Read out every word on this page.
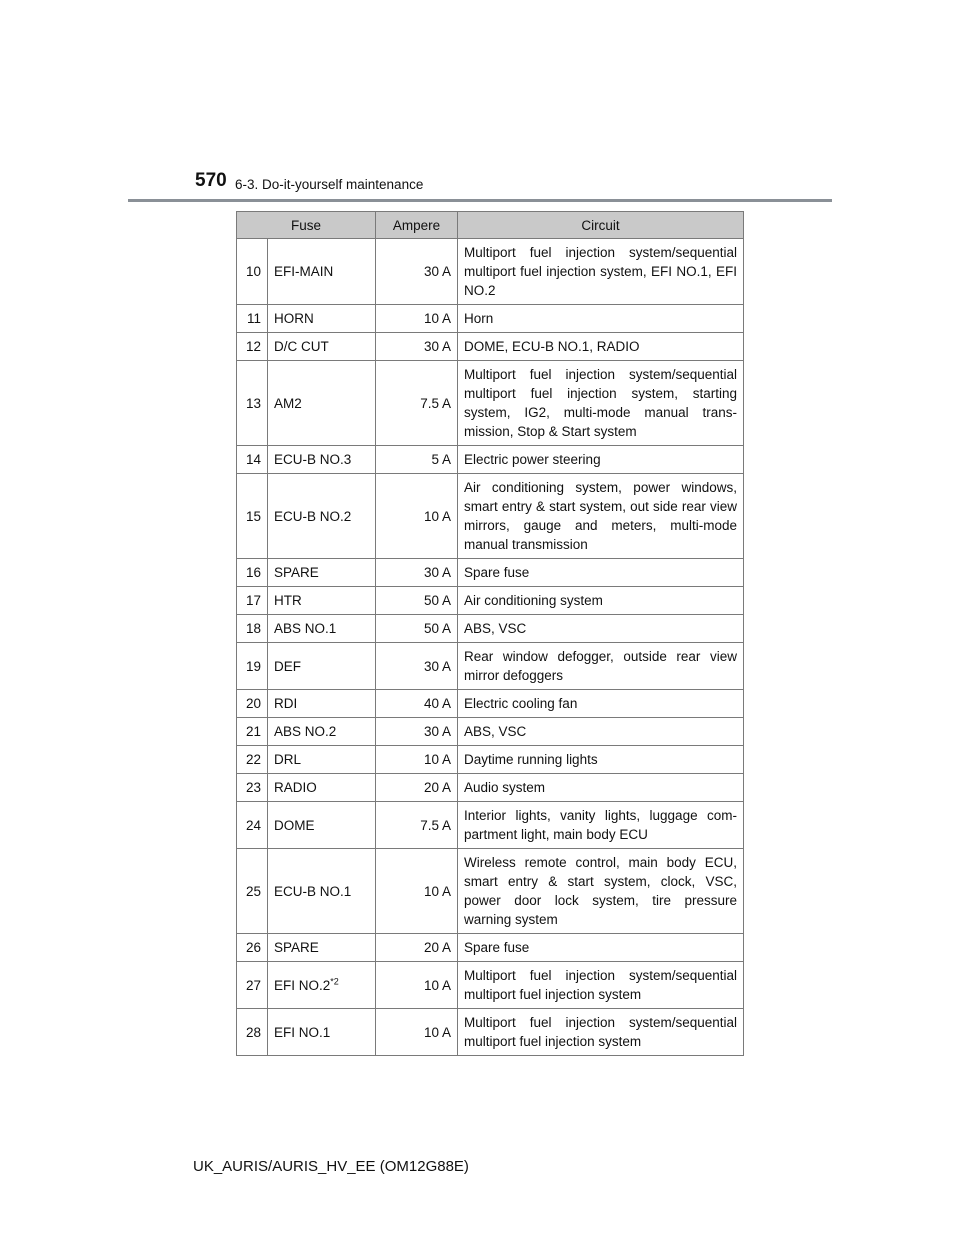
570 6-3. Do-it-yourself maintenance
Fuse		Ampere	Circuit
10	EFI-MAIN	30 A	Multiport fuel injection system/sequential multiport fuel injection system, EFI NO.1, EFI NO.2
11	HORN	10 A	Horn
12	D/C CUT	30 A	DOME, ECU-B NO.1, RADIO
13	AM2	7.5 A	Multiport fuel injection system/sequential multiport fuel injection system, starting system, IG2, multi-mode manual trans-mission, Stop & Start system
14	ECU-B NO.3	5 A	Electric power steering
15	ECU-B NO.2	10 A	Air conditioning system, power windows, smart entry & start system, out side rear view mirrors, gauge and meters, multi-mode manual transmission
16	SPARE	30 A	Spare fuse
17	HTR	50 A	Air conditioning system
18	ABS NO.1	50 A	ABS, VSC
19	DEF	30 A	Rear window defogger, outside rear view mirror defoggers
20	RDI	40 A	Electric cooling fan
21	ABS NO.2	30 A	ABS, VSC
22	DRL	10 A	Daytime running lights
23	RADIO	20 A	Audio system
24	DOME	7.5 A	Interior lights, vanity lights, luggage com-partment light, main body ECU
25	ECU-B NO.1	10 A	Wireless remote control, main body ECU, smart entry & start system, clock, VSC, power door lock system, tire pressure warning system
26	SPARE	20 A	Spare fuse
27	EFI NO.2$^{*2}$	10 A	Multiport fuel injection system/sequential multiport fuel injection system
28	EFI NO.1	10 A	Multiport fuel injection system/sequential multiport fuel injection system
UK_AURIS/AURIS_HV_EE (OM12G88E)
